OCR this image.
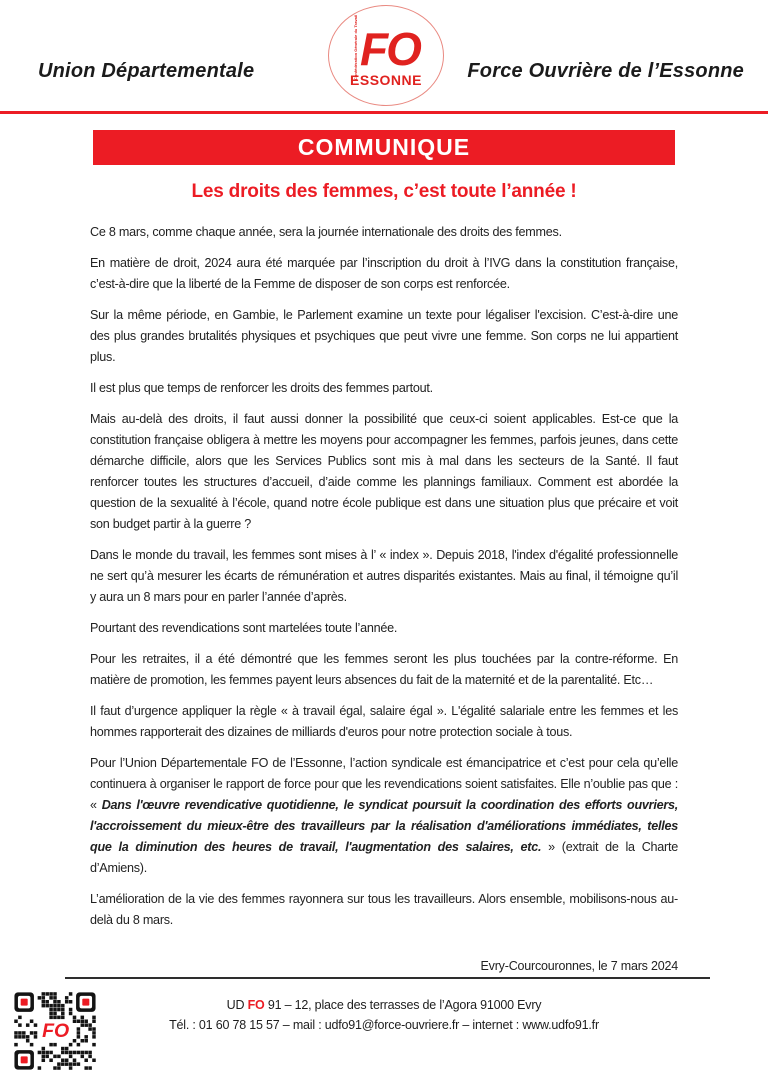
Union Départementale	Confédération Générale du Travail FO
ESSONNE Force Ouvrière de l’Essonne
COMMUNIQUE
Les droits des femmes, c’est toute l’année !

Ce 8 mars, comme chaque année, sera la journée internationale des droits des femmes.

En matière de droit, 2024 aura été marquée par l’inscription du droit à l’IVG dans la constitution française, c’est-à-dire que la liberté de la Femme de disposer de son corps est renforcée.

Sur la même période, en Gambie, le Parlement examine un texte pour légaliser l'excision. C’est-à-dire une des plus grandes brutalités physiques et psychiques que peut vivre une femme. Son corps ne lui appartient plus.

Il est plus que temps de renforcer les droits des femmes partout.

Mais au-delà des droits, il faut aussi donner la possibilité que ceux-ci soient applicables. Est-ce que la constitution française obligera à mettre les moyens pour accompagner les femmes, parfois jeunes, dans cette démarche difficile, alors que les Services Publics sont mis à mal dans les secteurs de la Santé. Il faut renforcer toutes les structures d’accueil, d’aide comme les plannings familiaux. Comment est abordée la question de la sexualité à l’école, quand notre école publique est dans une situation plus que précaire et voit son budget partir à la guerre ?

Dans le monde du travail, les femmes sont mises à l’ « index ». Depuis 2018, l'index d'égalité professionnelle ne sert qu’à mesurer les écarts de rémunération et autres disparités existantes. Mais au final, il témoigne qu’il y aura un 8 mars pour en parler l’année d’après.

Pourtant des revendications sont martelées toute l’année.

Pour les retraites, il a été démontré que les femmes seront les plus touchées par la contre-réforme. En matière de promotion, les femmes payent leurs absences du fait de la maternité et de la parentalité. Etc…

Il faut d’urgence appliquer la règle « à travail égal, salaire égal ». L'égalité salariale entre les femmes et les hommes rapporterait des dizaines de milliards d'euros pour notre protection sociale à tous.

Pour l’Union Départementale FO de l’Essonne, l’action syndicale est émancipatrice et c’est pour cela qu’elle continuera à organiser le rapport de force pour que les revendications soient satisfaites. Elle n’oublie pas que : « Dans l'œuvre revendicative quotidienne, le syndicat poursuit la coordination des efforts ouvriers, l'accroissement du mieux-être des travailleurs par la réalisation d'améliorations immédiates, telles que la diminution des heures de travail, l'augmentation des salaires, etc. » (extrait de la Charte d’Amiens).

L’amélioration de la vie des femmes rayonnera sur tous les travailleurs. Alors ensemble, mobilisons-nous au-delà du 8 mars.

Evry-Courcouronnes, le 7 mars 2024
FO
UD FO 91 – 12, place des terrasses de l’Agora 91000 Evry
Tél. : 01 60 78 15 57 – mail : udfo91@force-ouvriere.fr – internet : www.udfo91.fr
